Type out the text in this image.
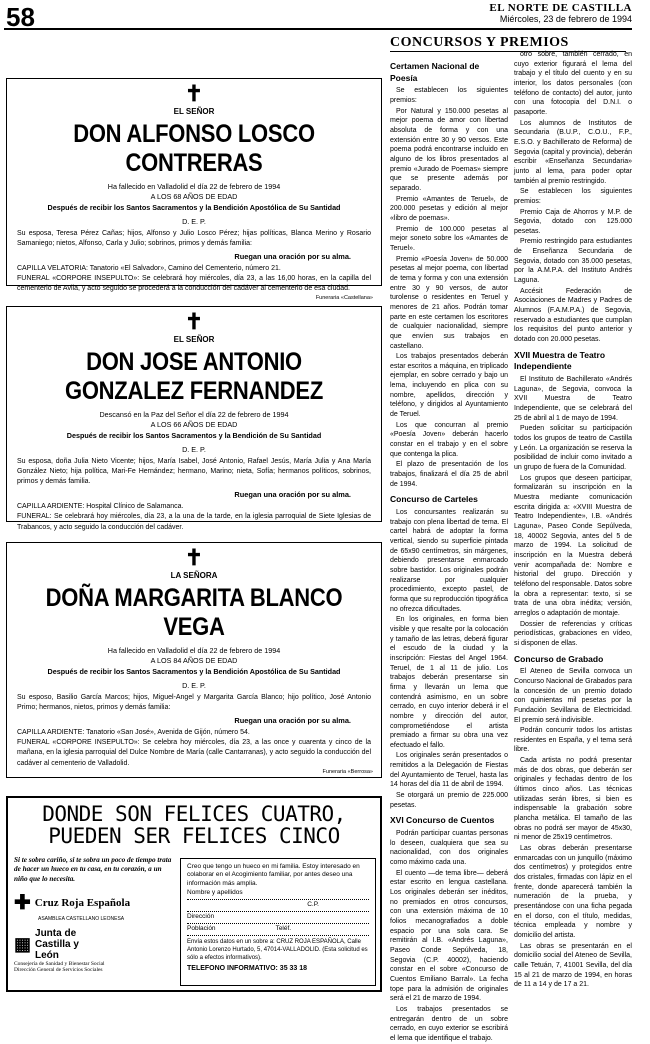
58	EL NORTE DE CASTILLA
Miércoles, 23 de febrero de 1994
✝
EL SEÑOR
DON ALFONSO LOSCO CONTRERAS
Ha fallecido en Valladolid el día 22 de febrero de 1994
A LOS 68 AÑOS DE EDAD
Después de recibir los Santos Sacramentos y la Bendición Apostólica de Su Santidad
D. E. P.
Su esposa, Teresa Pérez Cañas; hijos, Alfonso y Julio Losco Pérez; hijas políticas, Blanca Merino y Rosario Samaniego; nietos, Alfonso, Carla y Julio; sobrinos, primos y demás familia:
Ruegan una oración por su alma.
CAPILLA VELATORIA: Tanatorio «El Salvador», Camino del Cementerio, número 21.
FUNERAL «CORPORE INSEPULTO»: Se celebrará hoy miércoles, día 23, a las 16,00 horas, en la capilla del cementerio de Avila, y acto seguido se procederá a la conducción del cadáver al cementerio de esa ciudad.
Funeraria «Castellana»
✝
EL SEÑOR
DON JOSE ANTONIO
GONZALEZ FERNANDEZ
Descansó en la Paz del Señor el día 22 de febrero de 1994
A LOS 66 AÑOS DE EDAD
Después de recibir los Santos Sacramentos y la Bendición de Su Santidad
D. E. P.
Su esposa, doña Julia Nieto Vicente; hijos, María Isabel, José Antonio, Rafael Jesús, María Julia y Ana María González Nieto; hija política, Mari-Fe Hernández; hermano, Marino; nieta, Sofía; hermanos políticos, sobrinos, primos y demás familia.
Ruegan una oración por su alma.
CAPILLA ARDIENTE: Hospital Clínico de Salamanca.
FUNERAL: Se celebrará hoy miércoles, día 23, a la una de la tarde, en la iglesia parroquial de Siete Iglesias de Trabancos, y acto seguido la conducción del cadáver.
✝
LA SEÑORA
DOÑA MARGARITA BLANCO VEGA
Ha fallecido en Valladolid el día 22 de febrero de 1994
A LOS 84 AÑOS DE EDAD
Después de recibir los Santos Sacramentos y la Bendición Apostólica de Su Santidad
D. E. P.
Su esposo, Basilio García Marcos; hijos, Miguel-Angel y Margarita García Blanco; hijo político, José Antonio Primo; hermanos, nietos, primos y demás familia:
Ruegan una oración por su alma.
CAPILLA ARDIENTE: Tanatorio «San José», Avenida de Gijón, número 54.
FUNERAL «CORPORE INSEPULTO»: Se celebra hoy miércoles, día 23, a las once y cuarenta y cinco de la mañana, en la iglesia parroquial del Dulce Nombre de María (calle Cantarranas), y acto seguido la conducción del cadáver al cementerio de Valladolid.
Funeraria «Berrosa»
DONDE SON FELICES CUATRO,
PUEDEN SER FELICES CINCO
Si te sobra cariño, si te sobra un poco de tiempo trata de hacer un hueco en tu casa, en tu corazón, a un niño que lo necesita.
✚ Cruz Roja Española
ASAMBLEA CASTELLANO LEONESA
▦
Junta de Castilla y León
Consejería de Sanidad y Bienestar Social
Dirección General de Servicios Sociales
Creo que tengo un hueco en mi familia. Estoy interesado en colaborar en el Acogimiento familiar, por antes deseo una información más amplia.
Nombre y apellidos
C.P.
Dirección
Población	Teléf.
Envía estos datos en un sobre a: CRUZ ROJA ESPAÑOLA, Calle Antonio Lorenzo Hurtado, 5, 47014-VALLADOLID. (Esta solicitud es sólo a efectos informativos).
TELEFONO INFORMATIVO: 35 33 18
CONCURSOS Y PREMIOS
Certamen Nacional de Poesía

Se establecen los siguientes premios:

Por Natural y 150.000 pesetas al mejor poema de amor con libertad absoluta de forma y con una extensión entre 30 y 90 versos. Este poema podrá encontrarse incluido en alguno de los libros presentados al premio «Jurado de Poemas» siempre que se presente además por separado.

Premio «Amantes de Teruel», de 200.000 pesetas y edición al mejor «libro de poemas».

Premio de 100.000 pesetas al mejor soneto sobre los «Amantes de Teruel».

Premio «Poesía Joven» de 50.000 pesetas al mejor poema, con libertad de tema y forma y con una extensión entre 30 y 90 versos, de autor turolense o residentes en Teruel y menores de 21 años. Podrán tomar parte en este certamen los escritores de cualquier nacionalidad, siempre que envíen sus trabajos en castellano.

Los trabajos presentados deberán estar escritos a máquina, en triplicado ejemplar, en sobre cerrado y bajo un lema, incluyendo en plica con su nombre, apellidos, dirección y teléfono, y dirigidos al Ayuntamiento de Teruel.

Los que concurran al premio «Poesía Joven» deberán hacerlo constar en el trabajo y en el sobre que contenga la plica.

El plazo de presentación de los trabajos, finalizará el día 25 de abril de 1994.

Concurso de Carteles

Los concursantes realizarán su trabajo con plena libertad de tema. El cartel habrá de adoptar la forma vertical, siendo su superficie pintada de 65x90 centímetros, sin márgenes, debiendo presentarse enmarcado sobre bastidor. Los originales podrán realizarse por cualquier procedimiento, excepto pastel, de forma que su reproducción tipográfica no ofrezca dificultades.

En los originales, en forma bien visible y que resalte por la colocación y tamaño de las letras, deberá figurar el escudo de la ciudad y la inscripción: Fiestas del Angel 1964. Teruel, de 1 al 11 de julio. Los trabajos deberán presentarse sin firma y llevarán un lema que contendrá asimismo, en un sobre cerrado, en cuyo interior deberá ir el nombre y dirección del autor, comprometiéndose el artista premiado a firmar su obra una vez efectuado el fallo.

Los originales serán presentados o remitidos a la Delegación de Fiestas del Ayuntamiento de Teruel, hasta las 14 horas del día 11 de abril de 1994.

Se otorgará un premio de 225.000 pesetas.

XVI Concurso de Cuentos

Podrán participar cuantas personas lo deseen, cualquiera que sea su nacionalidad, con dos originales como máximo cada una.

El cuento —de tema libre— deberá estar escrito en lengua castellana. Los originales deberán ser inéditos, no premiados en otros concursos, con una extensión máxima de 10 folios mecanografiados a doble espacio por una sola cara. Se remitirán al I.B. «Andrés Laguna», Paseo Conde Sepúlveda, 18, Segovia (C.P. 40002), haciendo constar en el sobre «Concurso de Cuentos Emiliano Barral». La fecha tope para la admisión de originales será el 21 de marzo de 1994.

Los trabajos presentados se entregarán dentro de un sobre cerrado, en cuyo exterior se escribirá el lema que identifique el trabajo.

otro sobre, también cerrado, en cuyo exterior figurará el lema del trabajo y el título del cuento y en su interior, los datos personales (con teléfono de contacto) del autor, junto con una fotocopia del D.N.I. o pasaporte.

Los alumnos de Institutos de Secundaria (B.U.P., C.O.U., F.P., E.S.O. y Bachillerato de Reforma) de Segovia (capital y provincia), deberán escribir «Enseñanza Secundaria» junto al lema, para poder optar también al premio restringido.

Se establecen los siguientes premios:

Premio Caja de Ahorros y M.P. de Segovia, dotado con 125.000 pesetas.

Premio restringido para estudiantes de Enseñanza Secundaria de Segovia, dotado con 35.000 pesetas, por la A.M.P.A. del Instituto Andrés Laguna.

Accésit Federación de Asociaciones de Madres y Padres de Alumnos (F.A.M.P.A.) de Segovia, reservado a estudiantes que cumplan los requisitos del punto anterior y dotado con 20.000 pesetas.

XVII Muestra de Teatro Independiente

El Instituto de Bachillerato «Andrés Laguna», de Segovia, convoca la XVII Muestra de Teatro Independiente, que se celebrará del 25 de abril al 1 de mayo de 1994.

Pueden solicitar su participación todos los grupos de teatro de Castilla y León. La organización se reserva la posibilidad de incluir como invitado a un grupo de fuera de la Comunidad.

Los grupos que deseen participar, formalizarán su inscripción en la Muestra mediante comunicación escrita dirigida a: «XVIII Muestra de Teatro Independiente», I.B. «Andrés Laguna», Paseo Conde Sepúlveda, 18, 40002 Segovia, antes del 5 de marzo de 1994. La solicitud de inscripción en la Muestra deberá venir acompañada de: Nombre e historial del grupo. Dirección y teléfono del responsable. Datos sobre la obra a representar: texto, si se trata de una obra inédita; versión, arreglos o adaptación de montaje.

Dossier de referencias y críticas periodísticas, grabaciones en vídeo, si disponen de ellas.

Concurso de Grabado

El Ateneo de Sevilla convoca un Concurso Nacional de Grabados para la concesión de un premio dotado con quinientas mil pesetas por la Fundación Sevillana de Electricidad. El premio será indivisible.

Podrán concurrir todos los artistas residentes en España, y el tema será libre.

Cada artista no podrá presentar más de dos obras, que deberán ser originales y fechadas dentro de los últimos cinco años. Las técnicas utilizadas serán libres, si bien es indispensable la grabación sobre plancha metálica. El tamaño de las obras no podrá ser mayor de 45x30, ni menor de 25x19 centímetros.

Las obras deberán presentarse enmarcadas con un junquillo (máximo dos centímetros) y protegidos entre dos cristales, firmadas con lápiz en el frente, donde aparecerá también la numeración de la prueba, y presentándose con una ficha pegada en el dorso, con el título, medidas, técnica empleada y nombre y domicilio del artista.

Las obras se presentarán en el domicilio social del Ateneo de Sevilla, calle Tetuán, 7, 41001 Sevilla, del día 15 al 21 de marzo de 1994, en horas de 11 a 14 y de 17 a 21.
